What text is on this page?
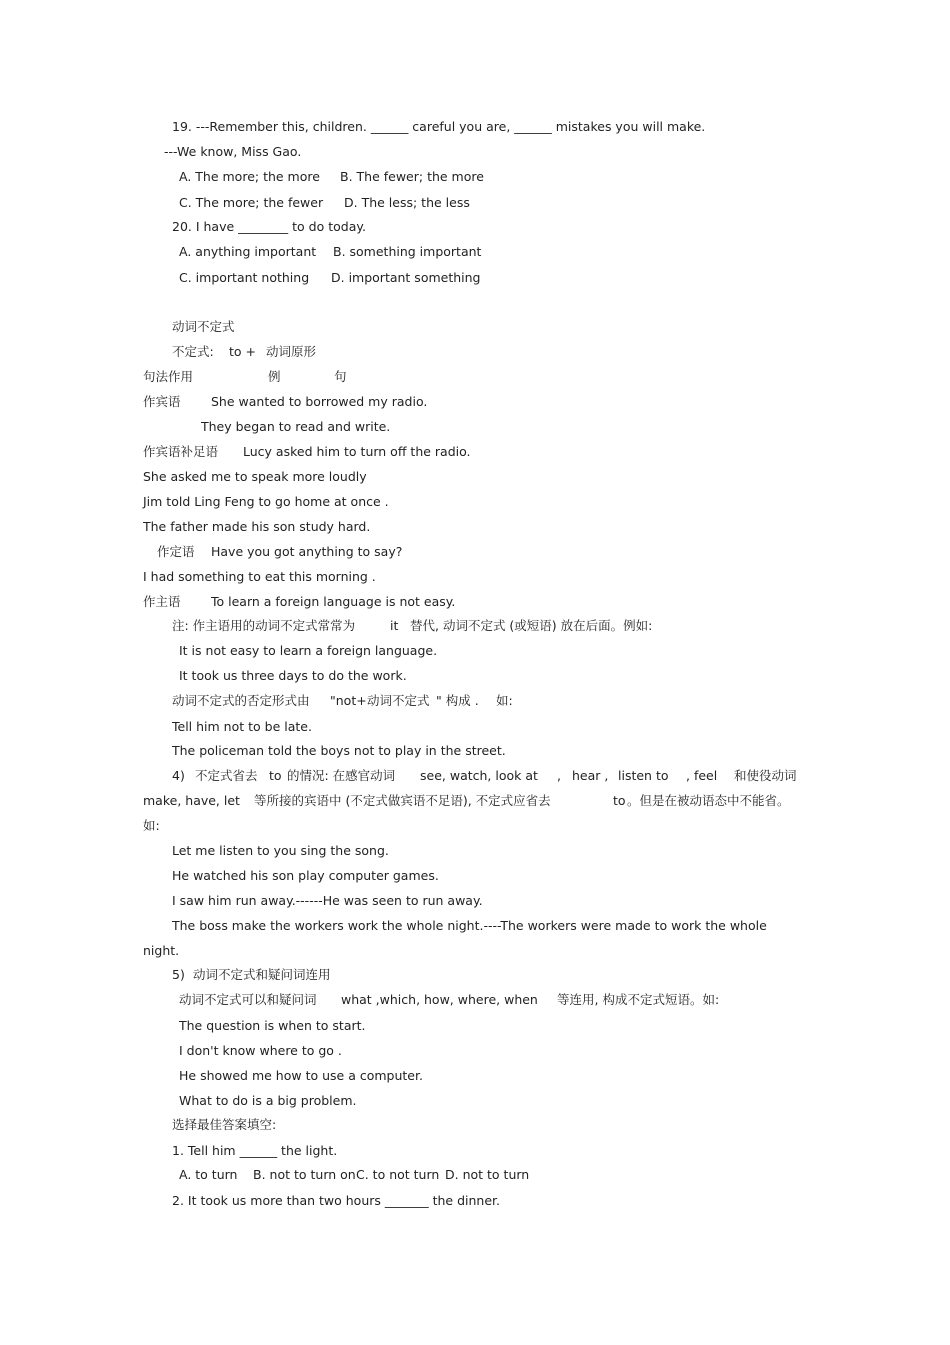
19. ---Remember this, children. ______ careful you are, ______ mistakes you will make.
---We know, Miss Gao.
A. The more; the more B. The fewer; the more
C. The more; the fewer D. The less; the less
20. I have ________ to do today.
A. anything important B. something important
C. important nothing D. important something
动词不定式
不定式: to + 动词原形
句法作用	例	句
作宾语 She wanted to borrowed my radio.
They began to read and write.
作宾语补足语 Lucy asked him to turn off the radio.
She asked me to speak more loudly
Jim told Ling Feng to go home at once .
The father made his son study hard.
作定语 Have you got anything to say?
I had something to eat this morning .
作主语 To learn a foreign language is not easy.
注: 作主语用的动词不定式常常为	it 替代, 动词不定式 (或短语) 放在后面。例如:
It is not easy to learn a foreign language.
It took us three days to do the work.
动词不定式的否定形式由 "not+ 动词不定式 " 构成 . 如:
Tell him not to be late.
The policeman told the boys not to play in the street.
4) 不定式省去 to 的情况: 在感官动词 see, watch, look at , hear , listen to , feel 和使役动词
make, have, let 等所接的宾语中 (不定式做宾语不足语), 不定式应省去	to 。但是在被动语态中不能省。
如:
Let me listen to you sing the song.
He watched his son play computer games.
I saw him run away.------He was seen to run away.
The boss make the workers work the whole night.----The workers were made to work the whole
night.
5) 动词不定式和疑问词连用
动词不定式可以和疑问词 what ,which, how, where, when 等连用, 构成不定式短语。如:
The question is when to start.
I don't know where to go .
He showed me how to use a computer.
What to do is a big problem.
选择最佳答案填空:
1. Tell him ______ the light.
A. to turn B. not to turn on C. to not turn D. not to turn
2. It took us more than two hours _______ the dinner.
